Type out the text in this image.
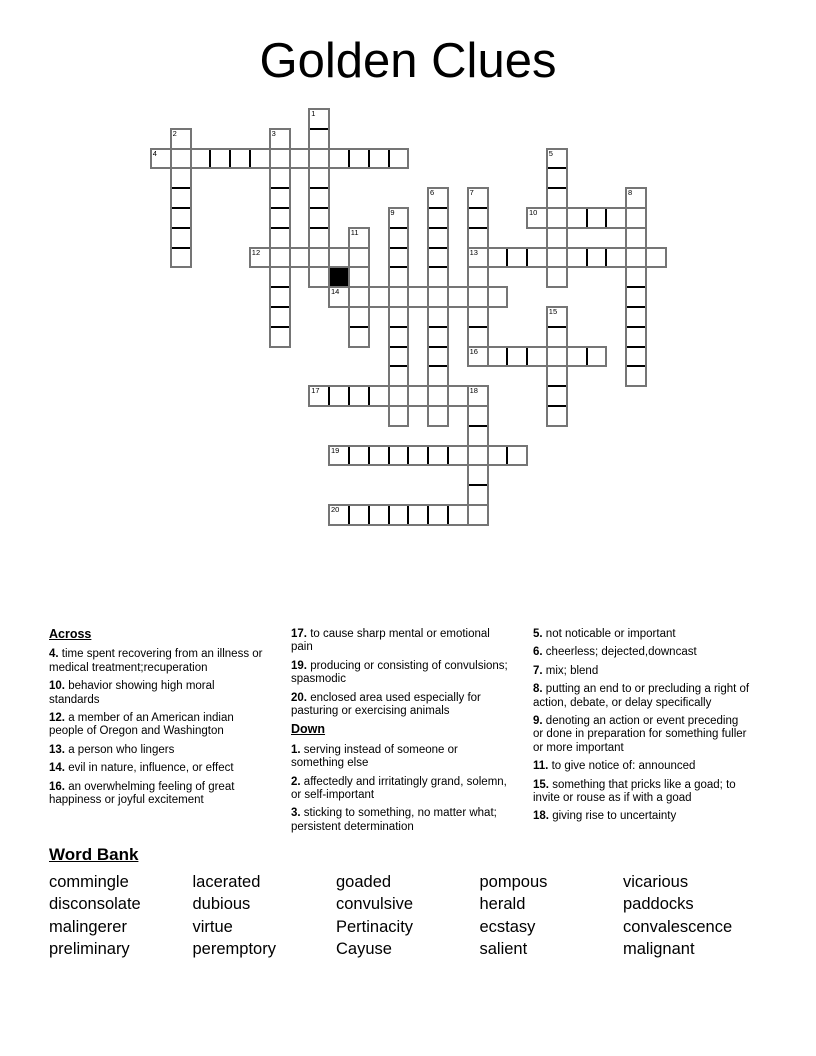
Golden Clues
1
2	3
4	5
6	7	8
9	10
11
12	13
14
15
16
17	18
19
20
Across
4. time spent recovering from an illness or medical treatment;recuperation
10. behavior showing high moral standards
12. a member of an American indian people of Oregon and Washington
13. a person who lingers
14. evil in nature, influence, or effect
16. an overwhelming feeling of great happiness or joyful excitement
17. to cause sharp mental or emotional pain
19. producing or consisting of convulsions; spasmodic
20. enclosed area used especially for pasturing or exercising animals
Down
1. serving instead of someone or something else
2. affectedly and irritatingly grand, solemn, or self-important
3. sticking to something, no matter what; persistent determination
5. not noticable or important
6. cheerless; dejected,downcast
7. mix; blend
8. putting an end to or precluding a right of action, debate, or delay specifically
9. denoting an action or event preceding or done in preparation for something fuller or more important
11. to give notice of: announced
15. something that pricks like a goad; to invite or rouse as if with a goad
18. giving rise to uncertainty
Word Bank
commingle	lacerated	goaded	pompous	vicarious
disconsolate	dubious	convulsive	herald	paddocks
malingerer	virtue	Pertinacity	ecstasy	convalescence
preliminary	peremptory	Cayuse	salient	malignant
